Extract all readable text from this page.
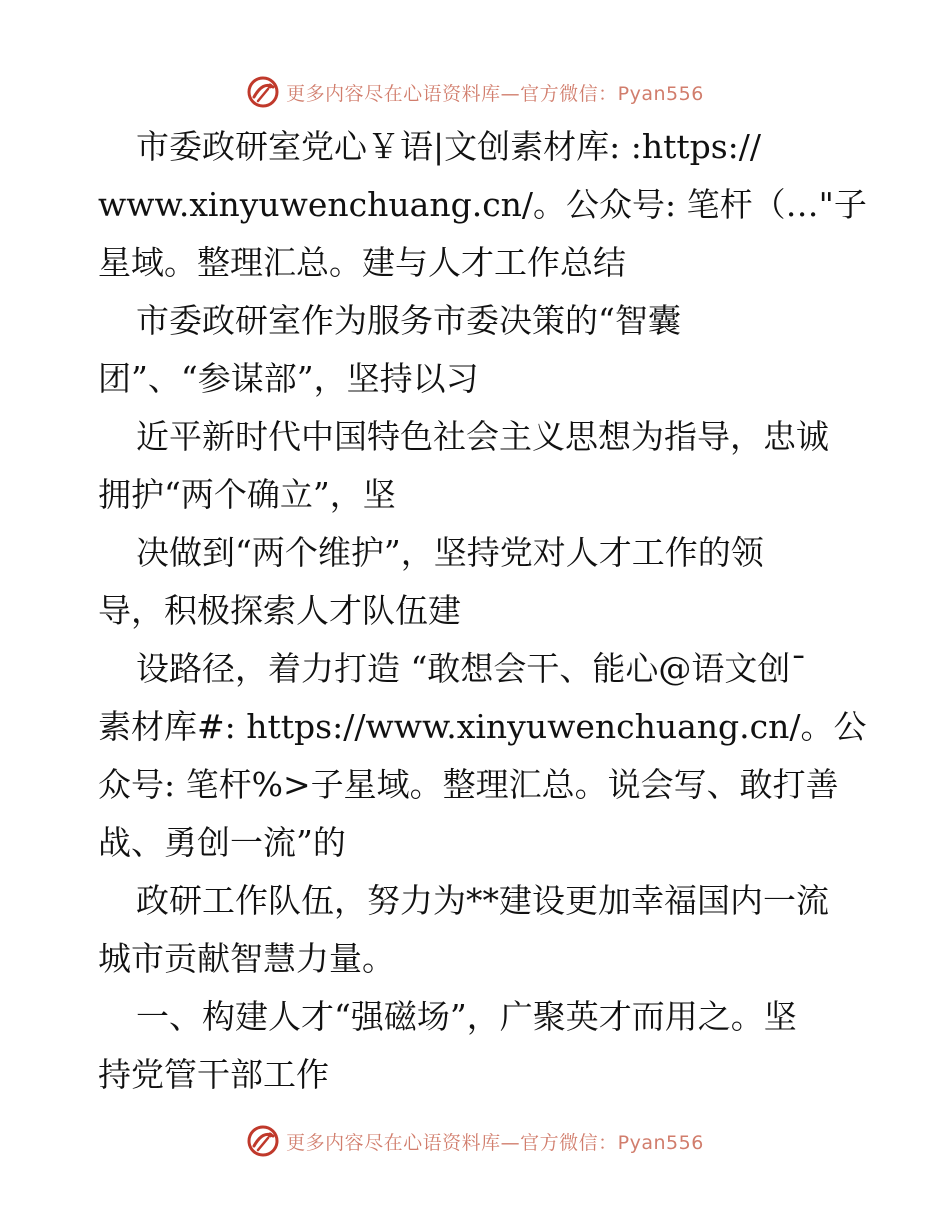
更多内容尽在心语资料库—官方微信：Pyan556

市委政研室党心￥语|文创素材库: :https://
www.xinyuwenchuang.cn/。公众号: 笔杆（…"子
星域。整理汇总。建与人才工作总结

市委政研室作为服务市委决策的“智囊
团”、“参谋部”，坚持以习

近平新时代中国特色社会主义思想为指导，忠诚
拥护“两个确立”，坚

决做到“两个维护”，坚持党对人才工作的领
导，积极探索人才队伍建

设路径，着力打造 “敢想会干、能心@语文创¯
素材库#: https://www.xinyuwenchuang.cn/。公
众号: 笔杆%>子星域。整理汇总。说会写、敢打善
战、勇创一流”的

政研工作队伍，努力为**建设更加幸福国内一流
城市贡献智慧力量。

一、构建人才“强磁场”，广聚英才而用之。坚
持党管干部工作

更多内容尽在心语资料库—官方微信：Pyan556
